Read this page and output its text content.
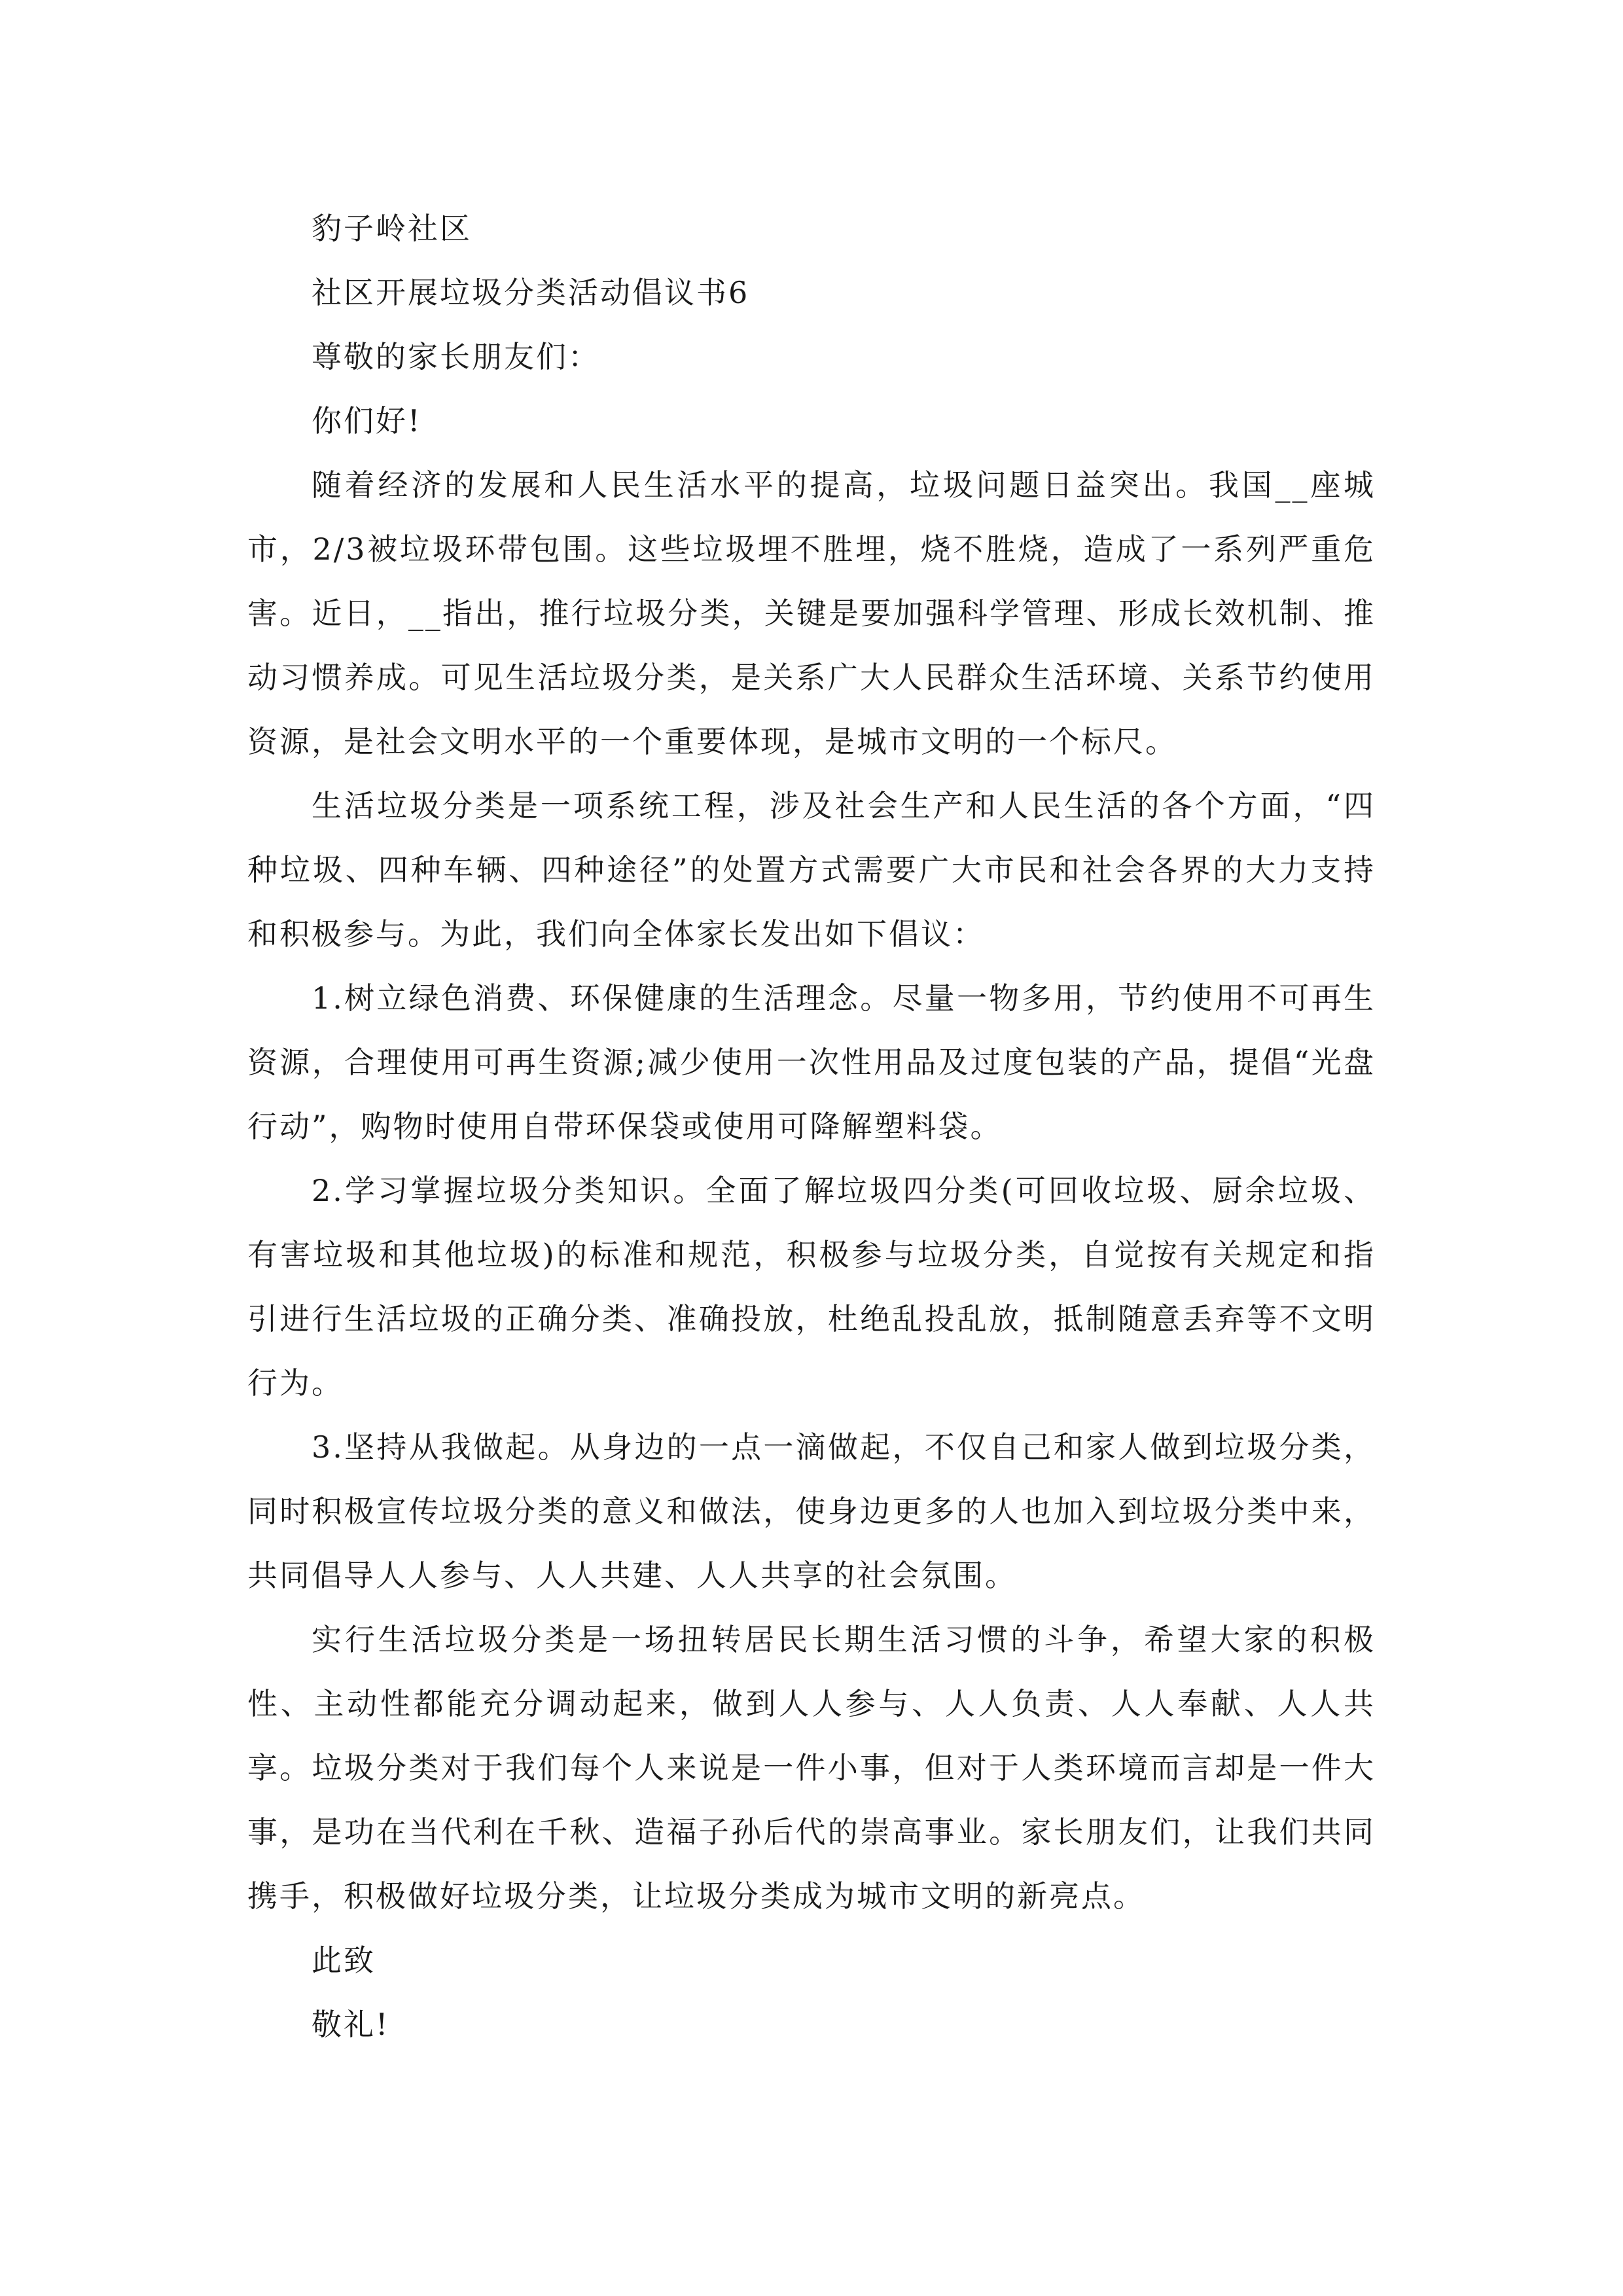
豹子岭社区

社区开展垃圾分类活动倡议书6

尊敬的家长朋友们：

你们好!

随着经济的发展和人民生活水平的提高，垃圾问题日益突出。我国__座城市，2/3被垃圾环带包围。这些垃圾埋不胜埋，烧不胜烧，造成了一系列严重危害。近日，__指出，推行垃圾分类，关键是要加强科学管理、形成长效机制、推动习惯养成。可见生活垃圾分类，是关系广大人民群众生活环境、关系节约使用资源，是社会文明水平的一个重要体现，是城市文明的一个标尺。

生活垃圾分类是一项系统工程，涉及社会生产和人民生活的各个方面，“四种垃圾、四种车辆、四种途径”的处置方式需要广大市民和社会各界的大力支持和积极参与。为此，我们向全体家长发出如下倡议：

1.树立绿色消费、环保健康的生活理念。尽量一物多用，节约使用不可再生资源，合理使用可再生资源;减少使用一次性用品及过度包装的产品，提倡“光盘行动”，购物时使用自带环保袋或使用可降解塑料袋。

2.学习掌握垃圾分类知识。全面了解垃圾四分类(可回收垃圾、厨余垃圾、有害垃圾和其他垃圾)的标准和规范，积极参与垃圾分类，自觉按有关规定和指引进行生活垃圾的正确分类、准确投放，杜绝乱投乱放，抵制随意丢弃等不文明行为。

3.坚持从我做起。从身边的一点一滴做起，不仅自己和家人做到垃圾分类，同时积极宣传垃圾分类的意义和做法，使身边更多的人也加入到垃圾分类中来，共同倡导人人参与、人人共建、人人共享的社会氛围。

实行生活垃圾分类是一场扭转居民长期生活习惯的斗争，希望大家的积极性、主动性都能充分调动起来，做到人人参与、人人负责、人人奉献、人人共享。垃圾分类对于我们每个人来说是一件小事，但对于人类环境而言却是一件大事，是功在当代利在千秋、造福子孙后代的崇高事业。家长朋友们，让我们共同携手，积极做好垃圾分类，让垃圾分类成为城市文明的新亮点。

此致

敬礼!
